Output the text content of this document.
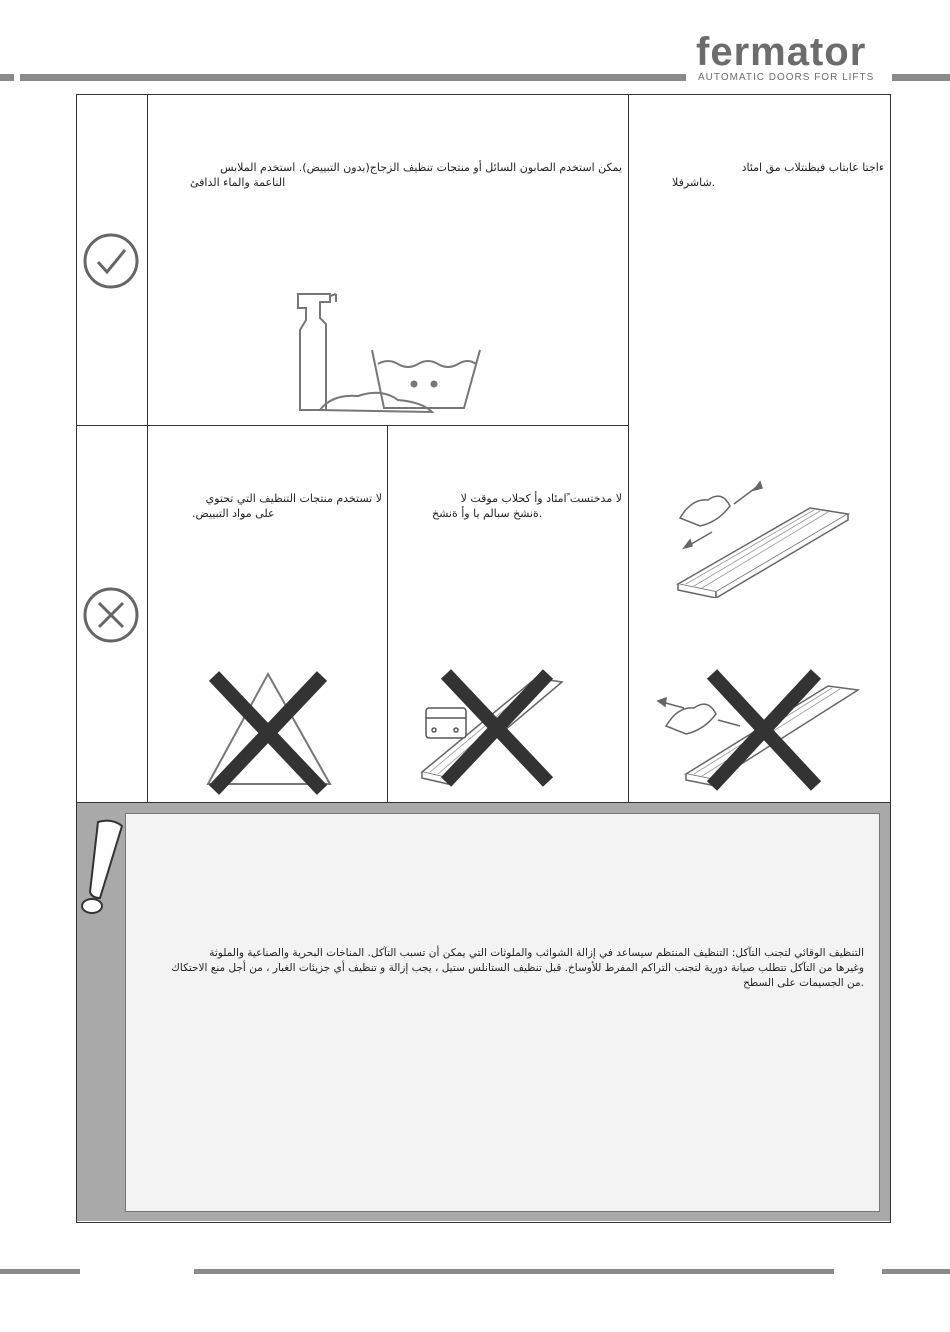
fermator
AUTOMATIC DOORS FOR LIFTS
يمكن استخدم الصابون السائل أو منتجات تنظيف الزجاج(بدون التبييض). استخدم الملابس
الناعمة والماء الدافئ
ءاجتا عابتاب فيظنتلاب مق امئاد
.شاشرفلا
لا تستخدم منتجات التنظيف التي تحتوي
على مواد التبييض.
لا مدختست ًامئاد وأ كحلاب موقت لا
.ةنشخ سبالم يا وأ ةنشخ
التنظيف الوقائي لتجنب التآكل: التنظيف المنتظم سيساعد في إزالة الشوائب والملوثات التي يمكن أن تسبب التآكل. المناخات البحرية والصناعية والملوثة
وغيرها من التآكل تتطلب صيانة دورية لتجنب التراكم المفرط للأوساخ. قبل تنظيف الستانلس ستيل ، يجب إزالة و تنظيف أي جزيئات الغبار ، من أجل منع الاحتكاك
.من الجسيمات على السطح
